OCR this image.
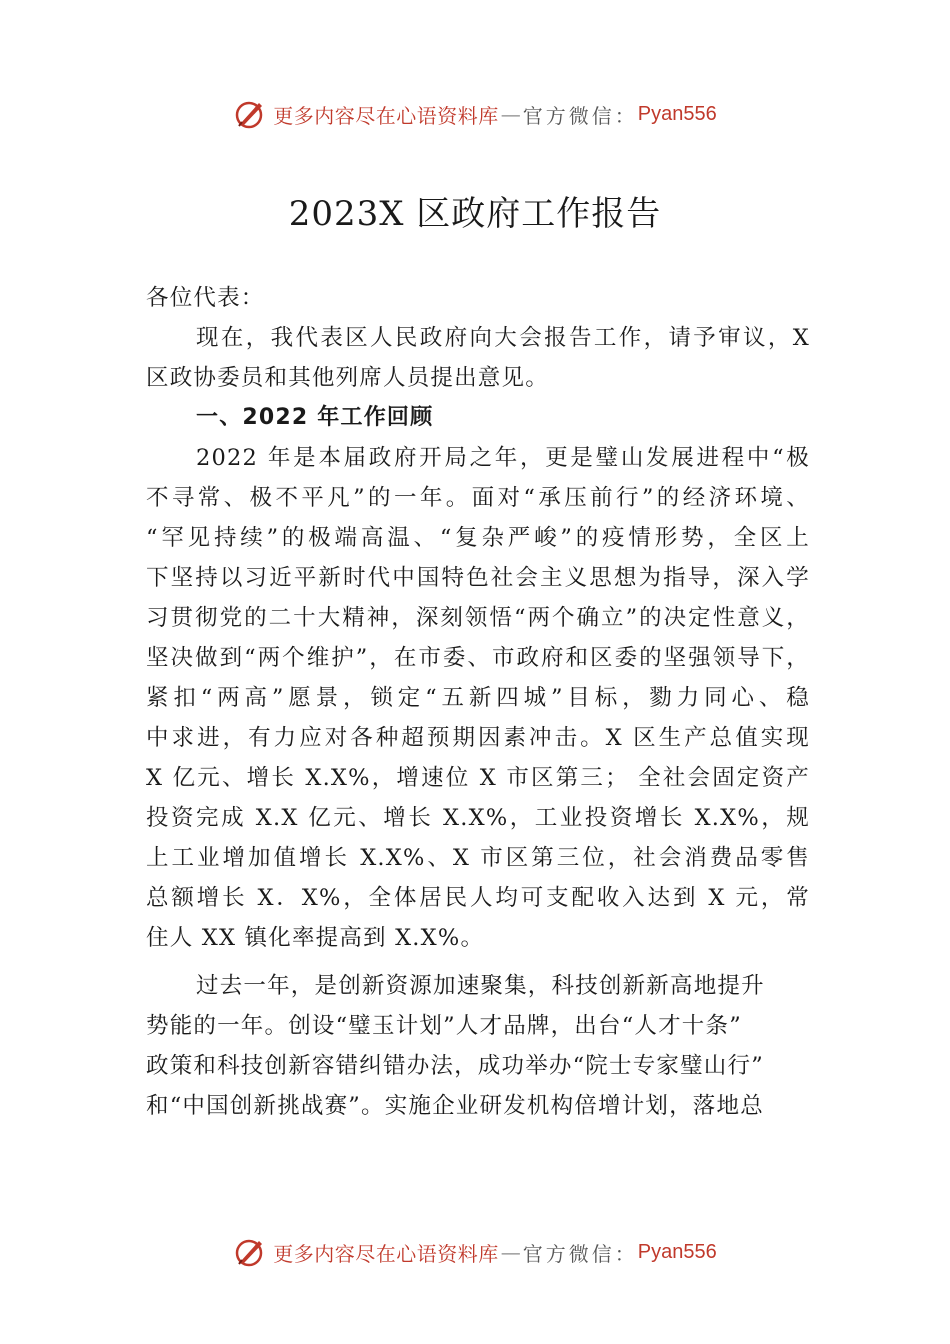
更多内容尽在心语资料库 — 官方微信： Pyan556
2023X 区政府工作报告
各位代表：
现在，我代表区人民政府向大会报告工作，请予审议，X
区政协委员和其他列席人员提出意见。
一、2022 年工作回顾
2022 年是本届政府开局之年，更是璧山发展进程中“极
不寻常、极不平凡”的一年。面对“承压前行”的经济环境、
“罕见持续”的极端高温、“复杂严峻”的疫情形势，全区上
下坚持以习近平新时代中国特色社会主义思想为指导，深入学
习贯彻党的二十大精神，深刻领悟“两个确立”的决定性意义，
坚决做到“两个维护”，在市委、市政府和区委的坚强领导下，
紧扣“两高”愿景，锁定“五新四城”目标，勠力同心、稳
中求进，有力应对各种超预期因素冲击。X 区生产总值实现
X 亿元、增长 X.X%，增速位 X 市区第三； 全社会固定资产
投资完成 X.X 亿元、增长 X.X%，工业投资增长 X.X%，规
上工业增加值增长 X.X%、X 市区第三位，社会消费品零售
总额增长 X．X%，全体居民人均可支配收入达到 X 元，常
住人 XX 镇化率提高到 X.X%。
过去一年，是创新资源加速聚集，科技创新新高地提升
势能的一年。创设“璧玉计划”人才品牌，出台“人才十条”
政策和科技创新容错纠错办法，成功举办“院士专家璧山行”
和“中国创新挑战赛”。实施企业研发机构倍增计划，落地总
更多内容尽在心语资料库 — 官方微信： Pyan556
